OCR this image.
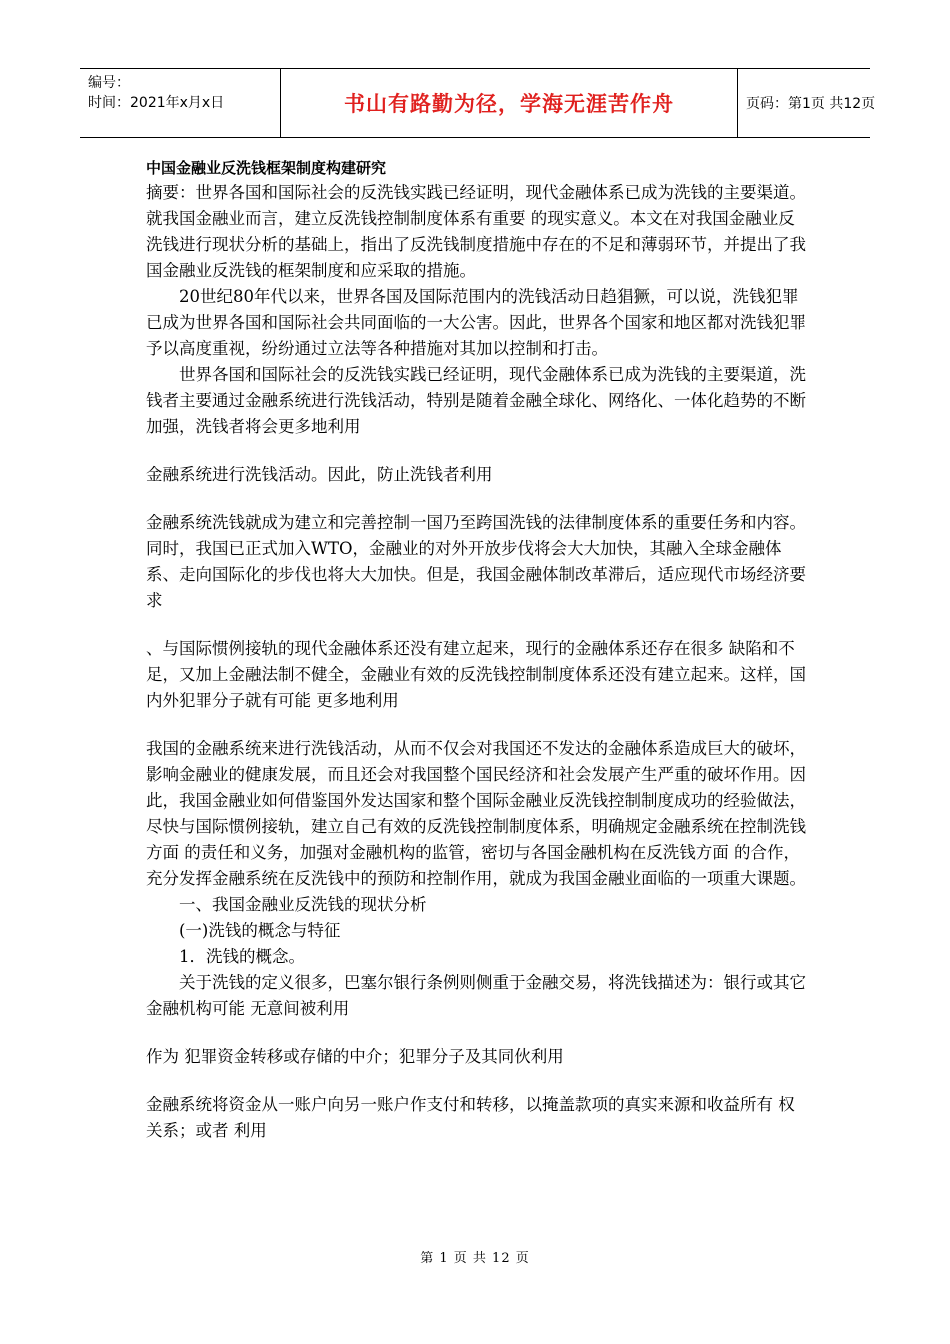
编号：
时间：2021年x月x日	书山有路勤为径，学海无涯苦作舟	页码：第1页 共12页

中国金融业反洗钱框架制度构建研究

摘要：世界各国和国际社会的反洗钱实践已经证明，现代金融体系已成为洗钱的主要渠道。就我国金融业而言，建立反洗钱控制制度体系有重要 的现实意义。本文在对我国金融业反洗钱进行现状分析的基础上，指出了反洗钱制度措施中存在的不足和薄弱环节，并提出了我国金融业反洗钱的框架制度和应采取的措施。

20世纪80年代以来，世界各国及国际范围内的洗钱活动日趋猖獗，可以说，洗钱犯罪已成为世界各国和国际社会共同面临的一大公害。因此，世界各个国家和地区都对洗钱犯罪予以高度重视，纷纷通过立法等各种措施对其加以控制和打击。

世界各国和国际社会的反洗钱实践已经证明，现代金融体系已成为洗钱的主要渠道，洗钱者主要通过金融系统进行洗钱活动，特别是随着金融全球化、网络化、一体化趋势的不断加强，洗钱者将会更多地利用

金融系统进行洗钱活动。因此，防止洗钱者利用

金融系统洗钱就成为建立和完善控制一国乃至跨国洗钱的法律制度体系的重要任务和内容。同时，我国已正式加入WTO，金融业的对外开放步伐将会大大加快，其融入全球金融体系、走向国际化的步伐也将大大加快。但是，我国金融体制改革滞后，适应现代市场经济要求

、与国际惯例接轨的现代金融体系还没有建立起来，现行的金融体系还存在很多 缺陷和不足，又加上金融法制不健全，金融业有效的反洗钱控制制度体系还没有建立起来。这样，国内外犯罪分子就有可能 更多地利用

我国的金融系统来进行洗钱活动，从而不仅会对我国还不发达的金融体系造成巨大的破坏，影响金融业的健康发展，而且还会对我国整个国民经济和社会发展产生严重的破坏作用。因此，我国金融业如何借鉴国外发达国家和整个国际金融业反洗钱控制制度成功的经验做法，尽快与国际惯例接轨，建立自己有效的反洗钱控制制度体系，明确规定金融系统在控制洗钱方面 的责任和义务，加强对金融机构的监管，密切与各国金融机构在反洗钱方面 的合作，充分发挥金融系统在反洗钱中的预防和控制作用，就成为我国金融业面临的一项重大课题。

一、我国金融业反洗钱的现状分析

(一)洗钱的概念与特征

1．洗钱的概念。

关于洗钱的定义很多，巴塞尔银行条例则侧重于金融交易，将洗钱描述为：银行或其它 金融机构可能 无意间被利用

作为 犯罪资金转移或存储的中介；犯罪分子及其同伙利用

金融系统将资金从一账户向另一账户作支付和转移，以掩盖款项的真实来源和收益所有 权关系；或者 利用

第 1 页 共 12 页
